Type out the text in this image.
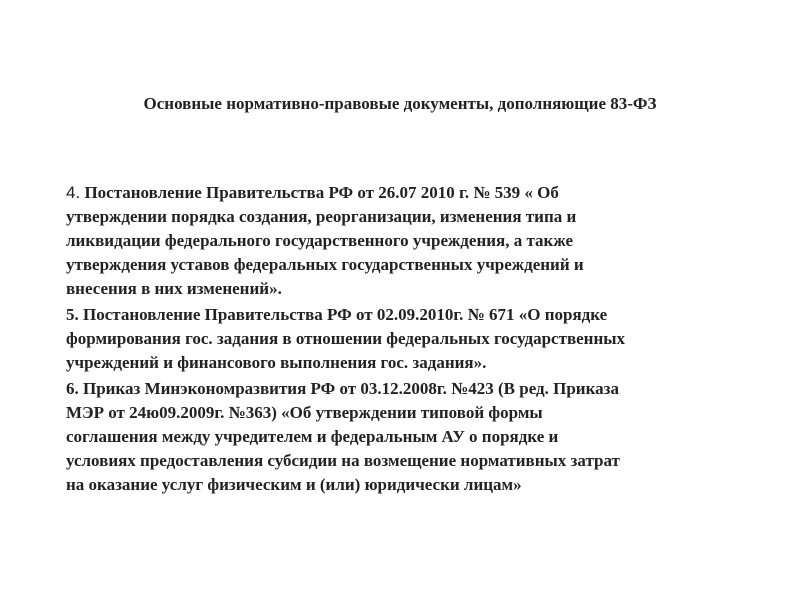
Основные нормативно-правовые документы, дополняющие 83-ФЗ
4. Постановление Правительства РФ от 26.07 2010 г. № 539 « Об
утверждении порядка создания, реорганизации, изменения типа и
ликвидации федерального государственного учреждения, а также
утверждения уставов федеральных государственных учреждений и
внесения в них изменений».
5. Постановление Правительства РФ от 02.09.2010г. № 671 «О порядке
формирования гос. задания в отношении федеральных государственных
учреждений и финансового выполнения гос. задания».
6. Приказ Минэкономразвития РФ от 03.12.2008г. №423 (В ред. Приказа
МЭР от 24ю09.2009г. №363) «Об утверждении типовой формы
соглашения между учредителем и федеральным АУ о порядке и
условиях предоставления субсидии на возмещение нормативных затрат
на оказание услуг физическим и (или) юридически лицам»
